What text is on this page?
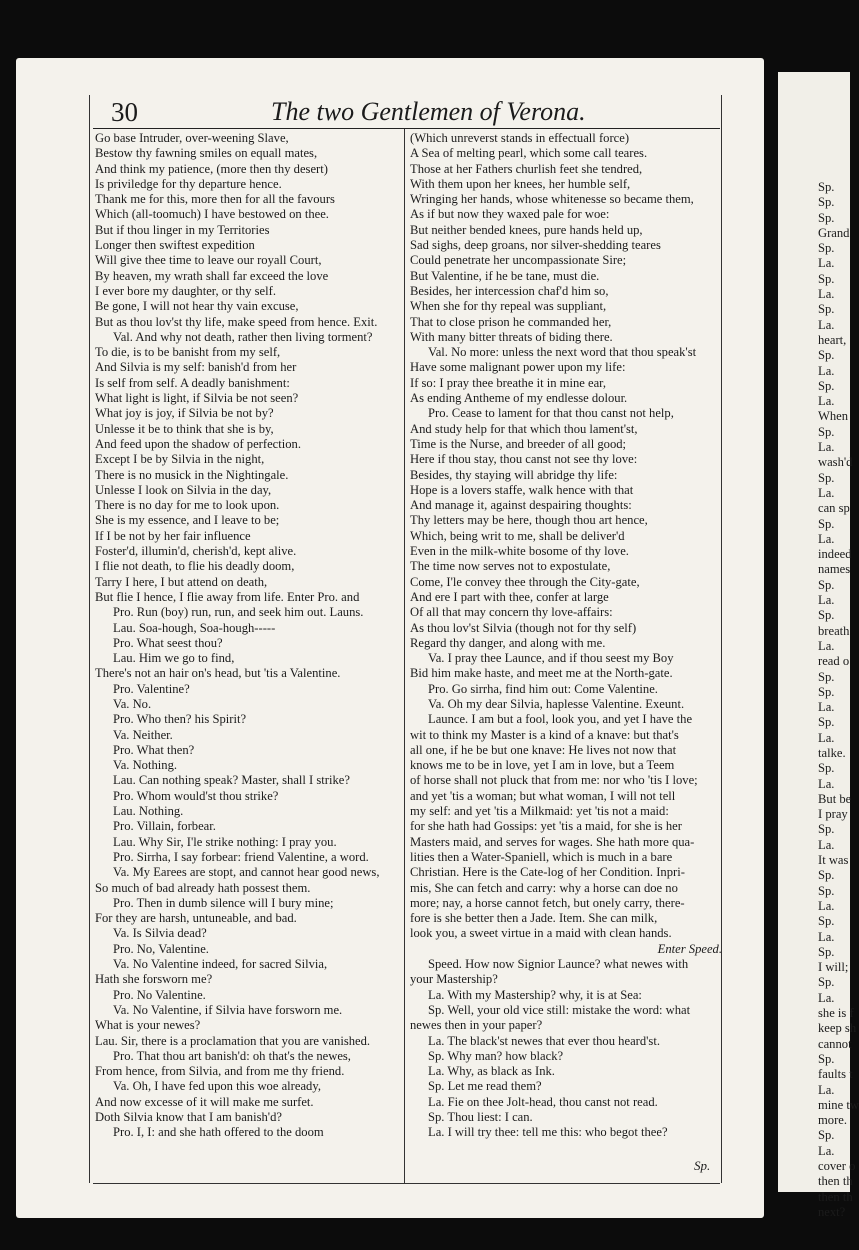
30	The two Gentlemen of Verona.
Go base Intruder, over-weening Slave,
Bestow thy fawning smiles on equall mates,
And think my patience, (more then thy desert)
Is priviledge for thy departure hence.
Thank me for this, more then for all the favours
Which (all-toomuch) I have bestowed on thee.
But if thou linger in my Territories
Longer then swiftest expedition
Will give thee time to leave our royall Court,
By heaven, my wrath shall far exceed the love
I ever bore my daughter, or thy self.
Be gone, I will not hear thy vain excuse,
But as thou lov'st thy life, make speed from hence. Exit.
Val. And why not death, rather then living torment?
To die, is to be banisht from my self,
And Silvia is my self: banish'd from her
Is self from self. A deadly banishment:
What light is light, if Silvia be not seen?
What joy is joy, if Silvia be not by?
Unlesse it be to think that she is by,
And feed upon the shadow of perfection.
Except I be by Silvia in the night,
There is no musick in the Nightingale.
Unlesse I look on Silvia in the day,
There is no day for me to look upon.
She is my essence, and I leave to be;
If I be not by her fair influence
Foster'd, illumin'd, cherish'd, kept alive.
I flie not death, to flie his deadly doom,
Tarry I here, I but attend on death,
But flie I hence, I flie away from life. Enter Pro. and
Pro. Run (boy) run, run, and seek him out. Launs.
Lau. Soa-hough, Soa-hough-----
Pro. What seest thou?
Lau. Him we go to find,
There's not an hair on's head, but 'tis a Valentine.
Pro. Valentine?
Va. No.
Pro. Who then? his Spirit?
Va. Neither.
Pro. What then?
Va. Nothing.
Lau. Can nothing speak? Master, shall I strike?
Pro. Whom would'st thou strike?
Lau. Nothing.
Pro. Villain, forbear.
Lau. Why Sir, I'le strike nothing: I pray you.
Pro. Sirrha, I say forbear: friend Valentine, a word.
Va. My Earees are stopt, and cannot hear good news,
So much of bad already hath possest them.
Pro. Then in dumb silence will I bury mine;
For they are harsh, untuneable, and bad.
Va. Is Silvia dead?
Pro. No, Valentine.
Va. No Valentine indeed, for sacred Silvia,
Hath she forsworn me?
Pro. No Valentine.
Va. No Valentine, if Silvia have forsworn me.
What is your newes?
Lau. Sir, there is a proclamation that you are vanished.
Pro. That thou art banish'd: oh that's the newes,
From hence, from Silvia, and from me thy friend.
Va. Oh, I have fed upon this woe already,
And now excesse of it will make me surfet.
Doth Silvia know that I am banish'd?
Pro. I, I: and she hath offered to the doom
(Which unreverst stands in effectuall force)
A Sea of melting pearl, which some call teares.
Those at her Fathers churlish feet she tendred,
With them upon her knees, her humble self,
Wringing her hands, whose whitenesse so became them,
As if but now they waxed pale for woe:
But neither bended knees, pure hands held up,
Sad sighs, deep groans, nor silver-shedding teares
Could penetrate her uncompassionate Sire;
But Valentine, if he be tane, must die.
Besides, her intercession chaf'd him so,
When she for thy repeal was suppliant,
That to close prison he commanded her,
With many bitter threats of biding there.
Val. No more: unless the next word that thou speak'st
Have some malignant power upon my life:
If so: I pray thee breathe it in mine ear,
As ending Antheme of my endlesse dolour.
Pro. Cease to lament for that thou canst not help,
And study help for that which thou lament'st,
Time is the Nurse, and breeder of all good;
Here if thou stay, thou canst not see thy love:
Besides, thy staying will abridge thy life:
Hope is a lovers staffe, walk hence with that
And manage it, against despairing thoughts:
Thy letters may be here, though thou art hence,
Which, being writ to me, shall be deliver'd
Even in the milk-white bosome of thy love.
The time now serves not to expostulate,
Come, I'le convey thee through the City-gate,
And ere I part with thee, confer at large
Of all that may concern thy love-affairs:
As thou lov'st Silvia (though not for thy self)
Regard thy danger, and along with me.
Va. I pray thee Launce, and if thou seest my Boy
Bid him make haste, and meet me at the North-gate.
Pro. Go sirrha, find him out: Come Valentine.
Va. Oh my dear Silvia, haplesse Valentine. Exeunt.
Launce. I am but a fool, look you, and yet I have the
wit to think my Master is a kind of a knave: but that's
all one, if he be but one knave: He lives not now that
knows me to be in love, yet I am in love, but a Teem
of horse shall not pluck that from me: nor who 'tis I love;
and yet 'tis a woman; but what woman, I will not tell
my self: and yet 'tis a Milkmaid: yet 'tis not a maid:
for she hath had Gossips: yet 'tis a maid, for she is her
Masters maid, and serves for wages. She hath more qua-
lities then a Water-Spaniell, which is much in a bare
Christian. Here is the Cate-log of her Condition. Inpri-
mis, She can fetch and carry: why a horse can doe no
more; nay, a horse cannot fetch, but onely carry, there-
fore is she better then a Jade. Item. She can milk,
look you, a sweet virtue in a maid with clean hands.
Enter Speed.
Speed. How now Signior Launce? what newes with
your Mastership?
La. With my Mastership? why, it is at Sea:
Sp. Well, your old vice still: mistake the word: what
newes then in your paper?
La. The black'st newes that ever thou heard'st.
Sp. Why man? how black?
La. Why, as black as Ink.
Sp. Let me read them?
La. Fie on thee Jolt-head, thou canst not read.
Sp. Thou liest: I can.
La. I will try thee: tell me this: who begot thee?
Sp.
Sp.
Sp.
Sp.
Grand
Sp.
La.
Sp.
La.
Sp.
La.
heart,
Sp.
La.
Sp.
La.
When
Sp.
La.
wash'd
Sp.
La.
can sp
Sp.
La.
indeed
names
Sp.
La.
Sp.
breath
La.
read o
Sp.
Sp.
La.
Sp.
La.
talke.
Sp.
La.
But be
I pray
Sp.
La.
It was
Sp.
Sp.
La.
Sp.
La.
Sp.
I will;
Sp.
La.
she is f
keep sh
cannot
Sp.
faults t
La.
mine tw
more.
Sp.
La.
cover o
then th
then th
next?
